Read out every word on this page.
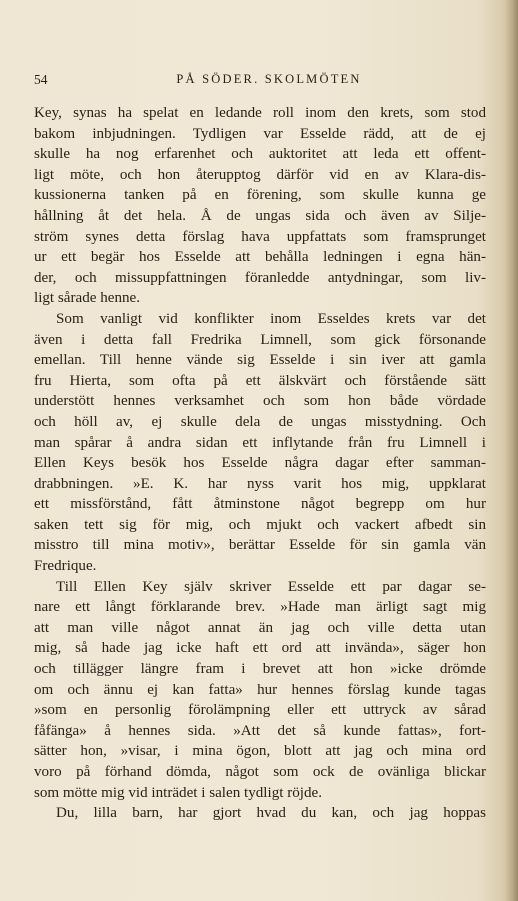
54	PÅ SÖDER. SKOLMÖTEN
Key, synas ha spelat en ledande roll inom den krets, som stod
bakom inbjudningen. Tydligen var Esselde rädd, att de ej
skulle ha nog erfarenhet och auktoritet att leda ett offent-
ligt möte, och hon återupptog därför vid en av Klara-dis-
kussionerna tanken på en förening, som skulle kunna ge
hållning åt det hela. Å de ungas sida och även av Silje-
ström synes detta förslag hava uppfattats som framsprunget
ur ett begär hos Esselde att behålla ledningen i egna hän-
der, och missuppfattningen föranledde antydningar, som liv-
ligt sårade henne.
Som vanligt vid konflikter inom Esseldes krets var det
även i detta fall Fredrika Limnell, som gick försonande
emellan. Till henne vände sig Esselde i sin iver att gamla
fru Hierta, som ofta på ett älskvärt och förstående sätt
understött hennes verksamhet och som hon både vördade
och höll av, ej skulle dela de ungas misstydning. Och
man spårar å andra sidan ett inflytande från fru Limnell i
Ellen Keys besök hos Esselde några dagar efter samman-
drabbningen. »E. K. har nyss varit hos mig, uppklarat
ett missförstånd, fått åtminstone något begrepp om hur
saken tett sig för mig, och mjukt och vackert afbedt sin
misstro till mina motiv», berättar Esselde för sin gamla vän
Fredrique.
Till Ellen Key själv skriver Esselde ett par dagar se-
nare ett långt förklarande brev. »Hade man ärligt sagt mig
att man ville något annat än jag och ville detta utan
mig, så hade jag icke haft ett ord att invända», säger hon
och tillägger längre fram i brevet att hon »icke drömde
om och ännu ej kan fatta» hur hennes förslag kunde tagas
»som en personlig förolämpning eller ett uttryck av sårad
fåfänga» å hennes sida. »Att det så kunde fattas», fort-
sätter hon, »visar, i mina ögon, blott att jag och mina ord
voro på förhand dömda, något som ock de ovänliga blickar
som mötte mig vid inträdet i salen tydligt röjde.
Du, lilla barn, har gjort hvad du kan, och jag hoppas
